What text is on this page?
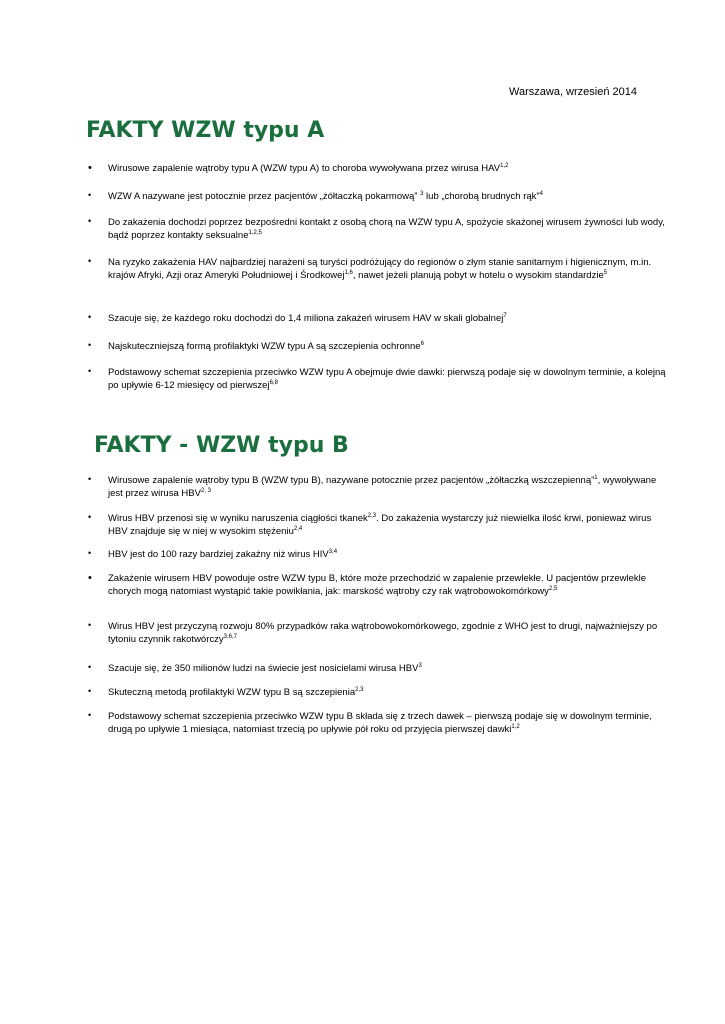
Warszawa, wrzesień 2014
FAKTY WZW typu A
• Wirusowe zapalenie wątroby typu A (WZW typu A) to choroba wywoływana przez wirusa HAV$^{1,2}$
• WZW A nazywane jest potocznie przez pacjentów „żółtaczką pokarmową” $^3$ lub „chorobą brudnych rąk”$^4$
• Do zakażenia dochodzi poprzez bezpośredni kontakt z osobą chorą na WZW typu A, spożycie skażonej wirusem żywności lub wody, bądź poprzez kontakty seksualne$^{1,2,5}$
• Na ryzyko zakażenia HAV najbardziej narażeni są turyści podróżujący do regionów o złym stanie sanitarnym i higienicznym, m.in. krajów Afryki, Azji oraz Ameryki Południowej i Środkowej$^{1,6}$, nawet jeżeli planują pobyt w hotelu o wysokim standardzie$^5$
• Szacuje się, że każdego roku dochodzi do 1,4 miliona zakażeń wirusem HAV w skali globalnej$^7$
• Najskuteczniejszą formą profilaktyki WZW typu A są szczepienia ochronne$^6$
• Podstawowy schemat szczepienia przeciwko WZW typu A obejmuje dwie dawki: pierwszą podaje się w dowolnym terminie, a kolejną po upływie 6-12 miesięcy od pierwszej$^{6,8}$
FAKTY - WZW typu B
• Wirusowe zapalenie wątroby typu B (WZW typu B), nazywane potocznie przez pacjentów „żółtaczką wszczepienną”$^1$, wywoływane jest przez wirusa HBV$^{2, 3}$
• Wirus HBV przenosi się w wyniku naruszenia ciągłości tkanek$^{2,3}$. Do zakażenia wystarczy już niewielka ilość krwi, ponieważ wirus HBV znajduje się w niej w wysokim stężeniu$^{2,4}$
• HBV jest do 100 razy bardziej zakaźny niż wirus HIV$^{3,4}$
• Zakażenie wirusem HBV powoduje ostre WZW typu B, które może przechodzić w zapalenie przewlekłe. U pacjentów przewlekle chorych mogą natomiast wystąpić takie powikłania, jak: marskość wątroby czy rak wątrobowokomórkowy$^{2,5}$
• Wirus HBV jest przyczyną rozwoju 80% przypadków raka wątrobowokomórkowego, zgodnie z WHO jest to drugi, najważniejszy po tytoniu czynnik rakotwórczy$^{3,6,7}$
• Szacuje się, że 350 milionów ludzi na świecie jest nosicielami wirusa HBV$^3$
• Skuteczną metodą profilaktyki WZW typu B są szczepienia$^{2,3}$
• Podstawowy schemat szczepienia przeciwko WZW typu B składa się z trzech dawek – pierwszą podaje się w dowolnym terminie, drugą po upływie 1 miesiąca, natomiast trzecią po upływie pół roku od przyjęcia pierwszej dawki$^{1,2}$
